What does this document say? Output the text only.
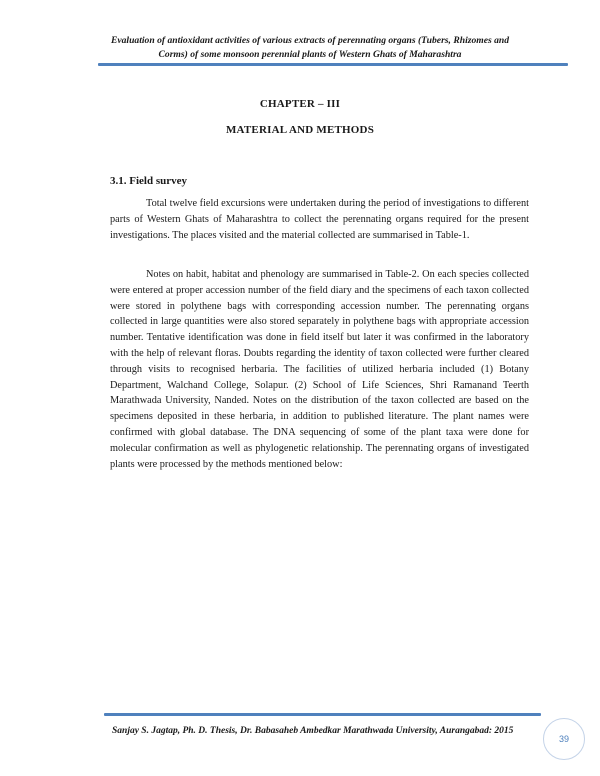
Evaluation of antioxidant activities of various extracts of perennating organs (Tubers, Rhizomes and
Corms) of some monsoon perennial plants of Western Ghats of Maharashtra
CHAPTER – III
MATERIAL AND METHODS
3.1. Field survey

Total twelve field excursions were undertaken during the period of investigations to different parts of Western Ghats of Maharashtra to collect the perennating organs required for the present investigations. The places visited and the material collected are summarised in Table-1.

Notes on habit, habitat and phenology are summarised in Table-2. On each species collected were entered at proper accession number of the field diary and the specimens of each taxon collected were stored in polythene bags with corresponding accession number. The perennating organs collected in large quantities were also stored separately in polythene bags with appropriate accession number. Tentative identification was done in field itself but later it was confirmed in the laboratory with the help of relevant floras. Doubts regarding the identity of taxon collected were further cleared through visits to recognised herbaria. The facilities of utilized herbaria included (1) Botany Department, Walchand College, Solapur. (2) School of Life Sciences, Shri Ramanand Teerth Marathwada University, Nanded. Notes on the distribution of the taxon collected are based on the specimens deposited in these herbaria, in addition to published literature. The plant names were confirmed with global database. The DNA sequencing of some of the plant taxa were done for molecular confirmation as well as phylogenetic relationship. The perennating organs of investigated plants were processed by the methods mentioned below:

Sanjay S. Jagtap, Ph. D. Thesis, Dr. Babasaheb Ambedkar Marathwada University, Aurangabad: 2015
39
